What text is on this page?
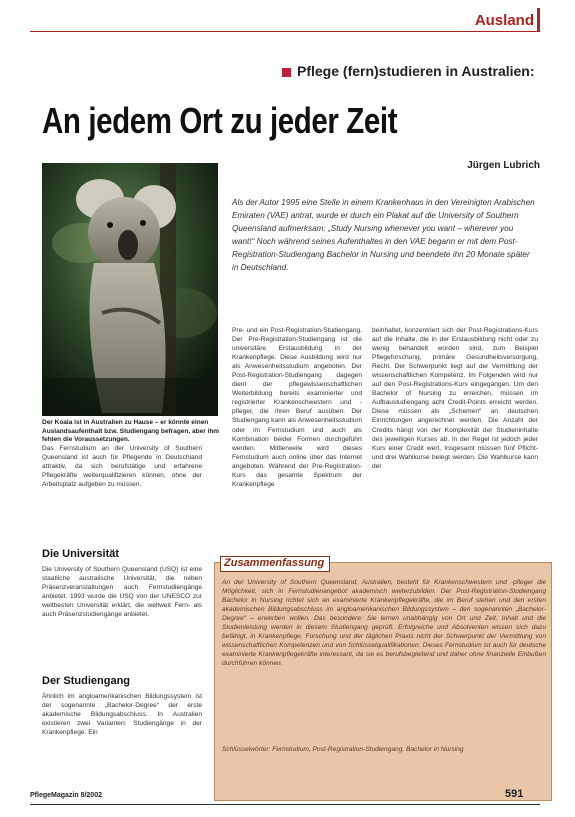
Ausland
Pflege (fern)studieren in Australien:
An jedem Ort zu jeder Zeit
Jürgen Lubrich
Der Koala ist in Australien zu Hause – er könnte einen Auslandsaufenthalt bzw. Studiengang befragen, aber ihm fehlen die Voraussetzungen.
Als der Autor 1995 eine Stelle in einem Krankenhaus in den Vereinigten Arabischen Emiraten (VAE) antrat, wurde er durch ein Plakat auf die University of Southern Queensland aufmerksam: „Study Nursing whenever you want – wherever you want!“ Noch während seines Aufenthaltes in den VAE begann er mit dem Post-Registration-Studiengang Bachelor in Nursing und beendete ihn 20 Monate später in Deutschland.

Das Fernstudium an der University of Southern Queensland ist auch für Pflegende in Deutschland attraktiv, da sich berufstätige und erfahrene Pflegekräfte weiterqualifizieren können, ohne der Arbeitsplatz aufgeben zu müssen.

Die Universität

Die University of Southern Queensland (USQ) ist eine staatliche australische Universität, die neben Präsenzveranstaltungen auch Fernstudiengänge anbietet. 1993 wurde die USQ von der UNESCO zur weltbesten Universität erklärt, die weltweit Fern- als auch Präsenzstudiengänge anbietet.

Der Studiengang

Ähnlich im angloamerikanischen Bildungssystem ist der sogenannte „Bachelor-Degree“ der erste akademische Bildungsabschluss. In Australien existieren zwei Varianten: Studiengänge in der Krankenpflege. Ein

Pre- und ein Post-Registration-Studiengang. Der Pre-Registration-Studiengang ist die universitäre Erstausbildung in der Krankenpflege. Diese Ausbildung wird nur als Anwesenheitsstudium angeboten. Der Post-Registration-Studiengang dagegen dient der pflegewissenschaftlichen Weiterbildung bereits examinierter und registrierter Krankenschwestern und -pfleger, die ihren Beruf ausüben. Der Studiengang kann als Anwesenheitsstudium oder im Fernstudium und auch als Kombination beider Formen durchgeführt werden. Mittlerweile wird dieses Fernstudium auch online über das Internet angeboten. Während der Pre-Registration-Kurs das gesamte Spektrum der Krankenpflege

beinhaltet, konzentriert sich der Post-Registrations-Kurs auf die Inhalte, die in der Erstausbildung nicht oder zu wenig behandelt worden sind, zum Beispiel Pflegeforschung, primäre Gesundheitsversorgung, Recht. Der Schwerpunkt liegt auf der Vermittlung der wissenschaftlichen Kompetenz. Im Folgenden wird nur auf den Post-Registrations-Kurs eingegangen. Um den Bachelor of Nursing zu erreichen, müssen im Aufbaustudiengang acht Credit-Points erreicht werden. Diese müssen als „Schemen“ an deutschen Einrichtungen angerechnet werden. Die Anzahl der Credits hängt von der Komplexität der Studieninhalte des jeweiligen Kurses ab. In der Regel ist jedoch jeder Kurs einer Credit wert. Insgesamt müssen fünf Pflicht- und drei Wahlkurse belegt werden. Die Wahlkurse kann der

Zusammenfassung
An der University of Southern Queensland, Australien, besteht für Krankenschwestern und -pfleger die Möglichkeit, sich in Fernstudienangebot akademisch weiterzubilden. Der Post-Registration-Studiengang Bachelor in Nursing richtet sich an examinierte Krankenpflegekräfte, die im Beruf stehen und den ersten akademischen Bildungsabschluss im angloamerikanischen Bildungssystem – den sogenannten „Bachelor-Degree“ – erwerben wollen. Das besondere: Sie lernen unabhängig von Ort und Zeit. Inhalt und die Studienleistung werden in diesem Studiengang geprüft. Erfolgreiche und Absolventen wissen sich dazu befähigt, in Krankenpflege, Forschung und der täglichen Praxis nicht der Schwerpunkt der Vermittlung von wissenschaftlichen Kompetenzen und von Schlüsselqualifikationen. Dieses Fernstudium ist auch für deutsche examinierte Krankenpflegekräfte interessant, da sie es berufsbegleitend und daher ohne finanzielle Einbußen durchführen können.
Schlüsselwörter: Fernstudium, Post-Registration-Studiengang, Bachelor in Nursing
PflegeMagazin 8/2002	591
